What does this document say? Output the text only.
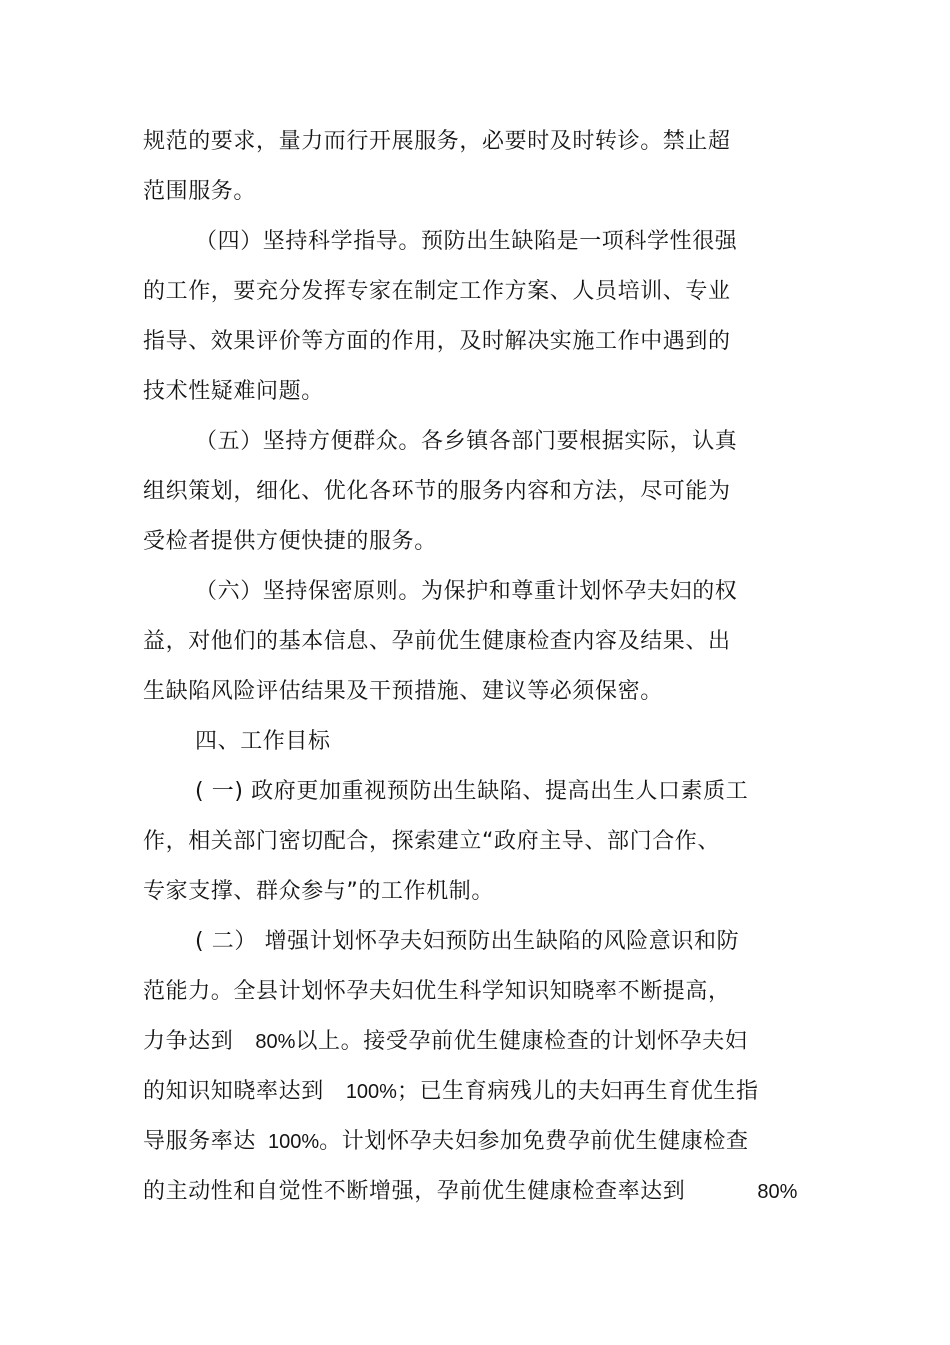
规范的要求，量力而行开展服务，必要时及时转诊。禁止超
范围服务。
（四）坚持科学指导。预防出生缺陷是一项科学性很强
的工作，要充分发挥专家在制定工作方案、人员培训、专业
指导、效果评价等方面的作用，及时解决实施工作中遇到的
技术性疑难问题。
（五）坚持方便群众。各乡镇各部门要根据实际，认真
组织策划，细化、优化各环节的服务内容和方法，尽可能为
受检者提供方便快捷的服务。
（六）坚持保密原则。为保护和尊重计划怀孕夫妇的权
益，对他们的基本信息、孕前优生健康检查内容及结果、出
生缺陷风险评估结果及干预措施、建议等必须保密。
四、工作目标
( 一) 政府更加重视预防出生缺陷、提高出生人口素质工
作，相关部门密切配合，探索建立“政府主导、部门合作、
专家支撑、群众参与”的工作机制。
( 二） 增强计划怀孕夫妇预防出生缺陷的风险意识和防
范能力。全县计划怀孕夫妇优生科学知识知晓率不断提高，
力争达到 80%以上。接受孕前优生健康检查的计划怀孕夫妇
的知识知晓率达到 100%；已生育病残儿的夫妇再生育优生指
导服务率达 100%。计划怀孕夫妇参加免费孕前优生健康检查
的主动性和自觉性不断增强，孕前优生健康检查率达到	80%
